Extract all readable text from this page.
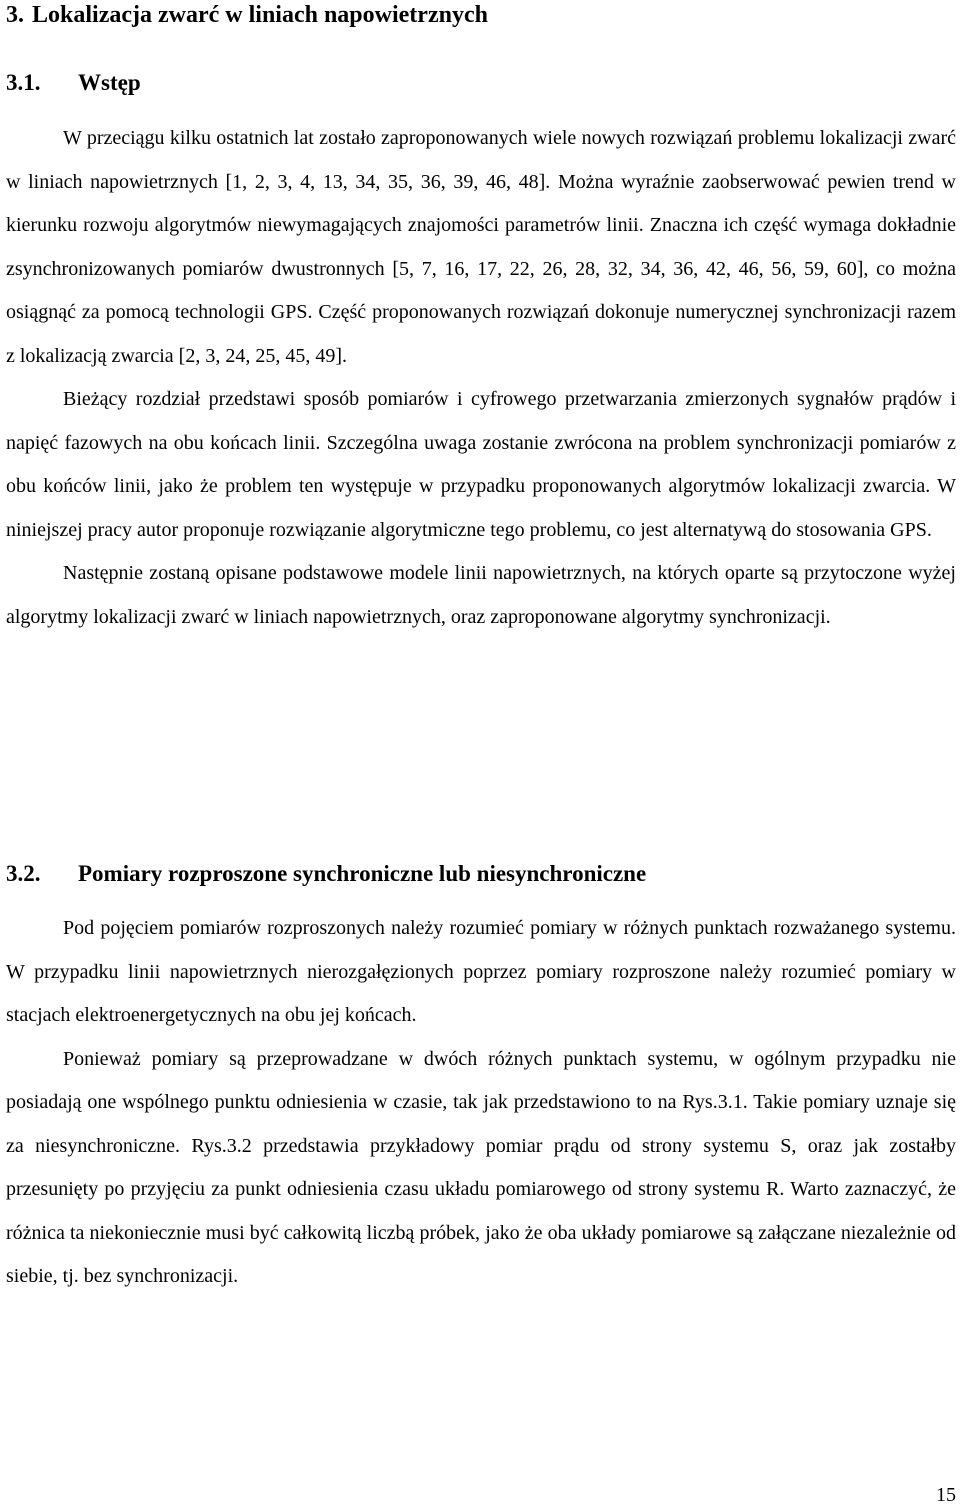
3. Lokalizacja zwarć w liniach napowietrznych
3.1. Wstęp

W przeciągu kilku ostatnich lat zostało zaproponowanych wiele nowych rozwiązań problemu lokalizacji zwarć w liniach napowietrznych [1, 2, 3, 4, 13, 34, 35, 36, 39, 46, 48]. Można wyraźnie zaobserwować pewien trend w kierunku rozwoju algorytmów niewymagających znajomości parametrów linii. Znaczna ich część wymaga dokładnie zsynchronizowanych pomiarów dwustronnych [5, 7, 16, 17, 22, 26, 28, 32, 34, 36, 42, 46, 56, 59, 60], co można osiągnąć za pomocą technologii GPS. Część proponowanych rozwiązań dokonuje numerycznej synchronizacji razem z lokalizacją zwarcia [2, 3, 24, 25, 45, 49].

Bieżący rozdział przedstawi sposób pomiarów i cyfrowego przetwarzania zmierzonych sygnałów prądów i napięć fazowych na obu końcach linii. Szczególna uwaga zostanie zwrócona na problem synchronizacji pomiarów z obu końców linii, jako że problem ten występuje w przypadku proponowanych algorytmów lokalizacji zwarcia. W niniejszej pracy autor proponuje rozwiązanie algorytmiczne tego problemu, co jest alternatywą do stosowania GPS.

Następnie zostaną opisane podstawowe modele linii napowietrznych, na których oparte są przytoczone wyżej algorytmy lokalizacji zwarć w liniach napowietrznych, oraz zaproponowane algorytmy synchronizacji.

3.2. Pomiary rozproszone synchroniczne lub niesynchroniczne

Pod pojęciem pomiarów rozproszonych należy rozumieć pomiary w różnych punktach rozważanego systemu. W przypadku linii napowietrznych nierozgałęzionych poprzez pomiary rozproszone należy rozumieć pomiary w stacjach elektroenergetycznych na obu jej końcach.

Ponieważ pomiary są przeprowadzane w dwóch różnych punktach systemu, w ogólnym przypadku nie posiadają one wspólnego punktu odniesienia w czasie, tak jak przedstawiono to na Rys.3.1. Takie pomiary uznaje się za niesynchroniczne. Rys.3.2 przedstawia przykładowy pomiar prądu od strony systemu S, oraz jak zostałby przesunięty po przyjęciu za punkt odniesienia czasu układu pomiarowego od strony systemu R. Warto zaznaczyć, że różnica ta niekoniecznie musi być całkowitą liczbą próbek, jako że oba układy pomiarowe są załączane niezależnie od siebie, tj. bez synchronizacji.

15
